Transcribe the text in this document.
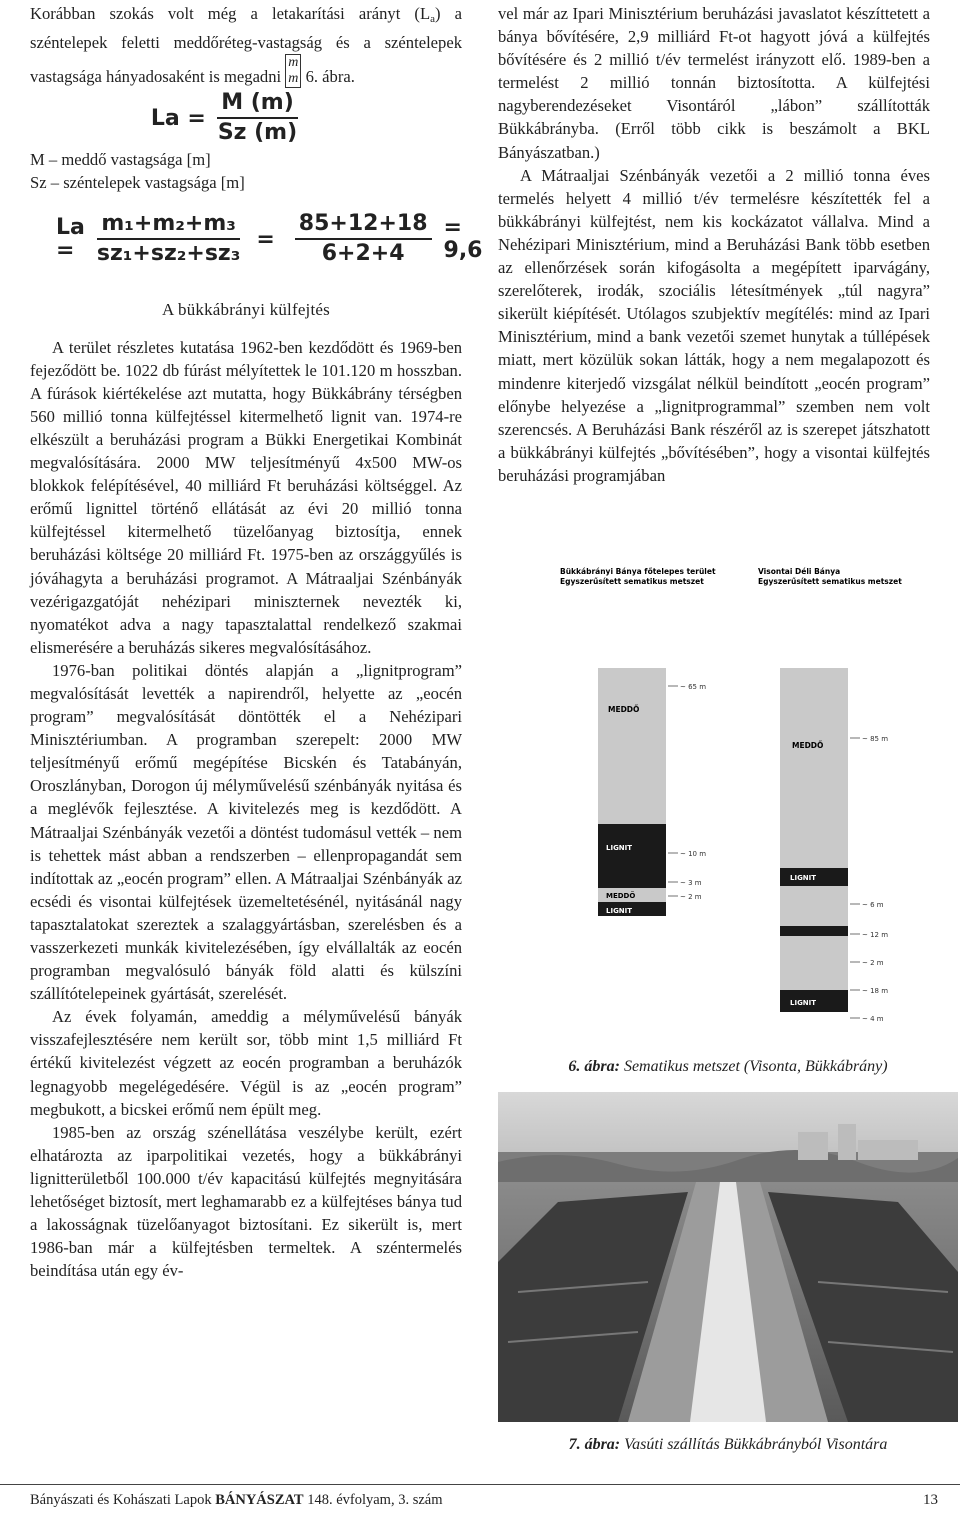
Korábban szokás volt még a letakarítási arányt $(L_a)$ a széntelepek feletti meddőréteg-vastagság és a széntelepek vastagsága hányadosaként is megadni m
m 6. ábra.

$La = \frac{M (m)}{Sz (m)}$

M – meddő vastagsága [m]

Sz – széntelepek vastagsága [m]

$La = \frac{\text{m₁+m₂+m₃}}{\text{sz₁+sz₂+sz₃}} = \frac{85+12+18}{6+2+4} = 9,6$
A bükkábrányi külfejtés

A terület részletes kutatása 1962-ben kezdődött és 1969-ben fejeződött be. 1022 db fúrást mélyítettek le 101.120 m hosszban. A fúrások kiértékelése azt mutatta, hogy Bükkábrány térségben 560 millió tonna külfejtéssel kitermelhető lignit van. 1974-re elkészült a beruházási program a Bükki Energetikai Kombinát megvalósítására. 2000 MW teljesítményű 4x500 MW-os blokkok felépítésével, 40 milliárd Ft beruházási költséggel. Az erőmű lignittel történő ellátását az évi 20 millió tonna külfejtéssel kitermelhető tüzelőanyag biztosítja, ennek beruházási költsége 20 milliárd Ft. 1975-ben az országgyűlés is jóváhagyta a beruházási programot. A Mátraaljai Szénbányák vezérigazgatóját nehézipari miniszternek nevezték ki, nyomatékot adva a nagy tapasztalattal rendelkező szakmai elismerésére a beruházás sikeres megvalósításához.

1976-ban politikai döntés alapján a „lignitprogram” megvalósítását levették a napirendről, helyette az „eocén program” megvalósítását döntötték el a Nehézipari Minisztériumban. A programban szerepelt: 2000 MW teljesítményű erőmű megépítése Bicskén és Tatabányán, Oroszlányban, Dorogon új mélyművelésű szénbányák nyitása és a meglévők fejlesztése. A kivitelezés meg is kezdődött. A Mátraaljai Szénbányák vezetői a döntést tudomásul vették – nem is tehettek mást abban a rendszerben – ellenpropagandát sem indítottak az „eocén program” ellen. A Mátraaljai Szénbányák az ecsédi és visontai külfejtések üzemeltetésénél, nyitásánál nagy tapasztalatokat szereztek a szalaggyártásban, szerelésben és a vasszerkezeti munkák kivitelezésében, így elvállalták az eocén programban megvalósuló bányák föld alatti és külszíni szállítótelepeinek gyártását, szerelését.

Az évek folyamán, ameddig a mélyművelésű bányák visszafejlesztésére nem került sor, több mint 1,5 milliárd Ft értékű kivitelezést végzett az eocén programban a beruházók legnagyobb megelégedésére. Végül is az „eocén program” megbukott, a bicskei erőmű nem épült meg.

1985-ben az ország szénellátása veszélybe került, ezért elhatározta az iparpolitikai vezetés, hogy a bükkábrányi lignitterületből 100.000 t/év kapacitású külfejtés megnyitására lehetőséget biztosít, mert leghamarabb ez a külfejtéses bánya tud a lakosságnak tüzelőanyagot biztosítani. Ez sikerült is, mert 1986-ban már a külfejtésben termeltek. A széntermelés beindítása után egy év-

vel már az Ipari Minisztérium beruházási javaslatot készíttetett a bánya bővítésére, 2,9 milliárd Ft-ot hagyott jóvá a külfejtés bővítésére és 2 millió t/év termelést irányzott elő. 1989-ben a termelést 2 millió tonnán biztosította. A külfejtési nagyberendezéseket Visontáról „lábon” szállították Bükkábrányba. (Erről több cikk is beszámolt a BKL Bányászatban.)

A Mátraaljai Szénbányák vezetői a 2 millió tonna éves termelés helyett 4 millió t/év termelésre készítették fel a bükkábrányi külfejtést, nem kis kockázatot vállalva. Mind a Nehézipari Minisztérium, mind a Beruházási Bank több esetben az ellenőrzések során kifogásolta a megépített iparvágány, szerelőterek, irodák, szociális létesítmények „túl nagyra” sikerült kiépítését. Utólagos szubjektív megítélés: mind az Ipari Minisztérium, mind a bank vezetői szemet hunytak a túllépések miatt, mert közülük sokan látták, hogy a nem megalapozott és mindenre kiterjedő vizsgálat nélkül beindított „eocén program” előnybe helyezése a „lignitprogrammal” szemben nem volt szerencsés. A Beruházási Bank részéről az is szerepet játszhatott a bükkábrányi külfejtés „bővítésében”, hogy a visontai külfejtés beruházási programjában

Bükkábrányi Bánya főtelepes terület
Egyszerűsített sematikus metszet
Visontai Déli Bánya
Egyszerűsített sematikus metszet
MEDDŐ
LIGNIT
MEDDŐ
LIGNIT
~ 65 m
~ 10 m
~ 3 m
~ 2 m
MEDDŐ
LIGNIT
LIGNIT
~ 85 m
~ 6 m
~ 12 m
~ 2 m
~ 18 m
~ 4 m
6. ábra: Sematikus metszet (Visonta, Bükkábrány)
7. ábra: Vasúti szállítás Bükkábrányból Visontára
Bányászati és Kohászati Lapok BÁNYÁSZAT 148. évfolyam, 3. szám	13
